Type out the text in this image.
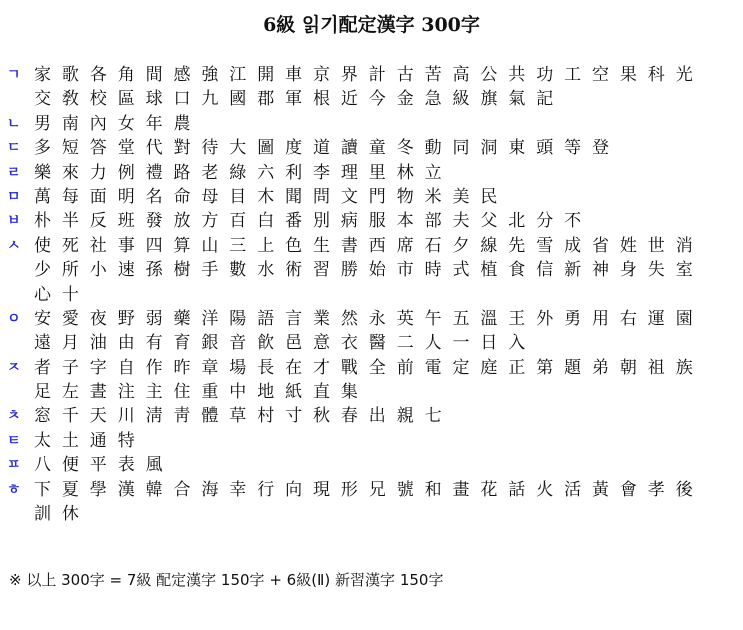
6級 읽기配定漢字 300字
ㄱ 家 歌 各 角 間 感 強 江 開 車 京 界 計 古 苦 高 公 共 功 工 空 果 科 光
交 敎 校 區 球 口 九 國 郡 軍 根 近 今 金 急 級 旗 氣 記
ㄴ 男 南 內 女 年 農
ㄷ 多 短 答 堂 代 對 待 大 圖 度 道 讀 童 冬 動 同 洞 東 頭 等 登
ㄹ 樂 來 力 例 禮 路 老 綠 六 利 李 理 里 林 立
ㅁ 萬 每 面 明 名 命 母 目 木 聞 問 文 門 物 米 美 民
ㅂ 朴 半 反 班 發 放 方 百 白 番 別 病 服 本 部 夫 父 北 分 不
ㅅ 使 死 社 事 四 算 山 三 上 色 生 書 西 席 石 夕 線 先 雪 成 省 姓 世 消
少 所 小 速 孫 樹 手 數 水 術 習 勝 始 市 時 式 植 食 信 新 神 身 失 室
心 十
ㅇ 安 愛 夜 野 弱 藥 洋 陽 語 言 業 然 永 英 午 五 溫 王 外 勇 用 右 運 園
遠 月 油 由 有 育 銀 音 飮 邑 意 衣 醫 二 人 一 日 入
ㅈ 者 子 字 自 作 昨 章 場 長 在 才 戰 全 前 電 定 庭 正 第 題 弟 朝 祖 族
足 左 晝 注 主 住 重 中 地 紙 直 集
ㅊ 窓 千 天 川 淸 靑 體 草 村 寸 秋 春 出 親 七
ㅌ 太 土 通 特
ㅍ 八 便 平 表 風
ㅎ 下 夏 學 漢 韓 合 海 幸 行 向 現 形 兄 號 和 畫 花 話 火 活 黃 會 孝 後
訓 休
※ 以上 300字 = 7級 配定漢字 150字 + 6級(Ⅱ) 新習漢字 150字
